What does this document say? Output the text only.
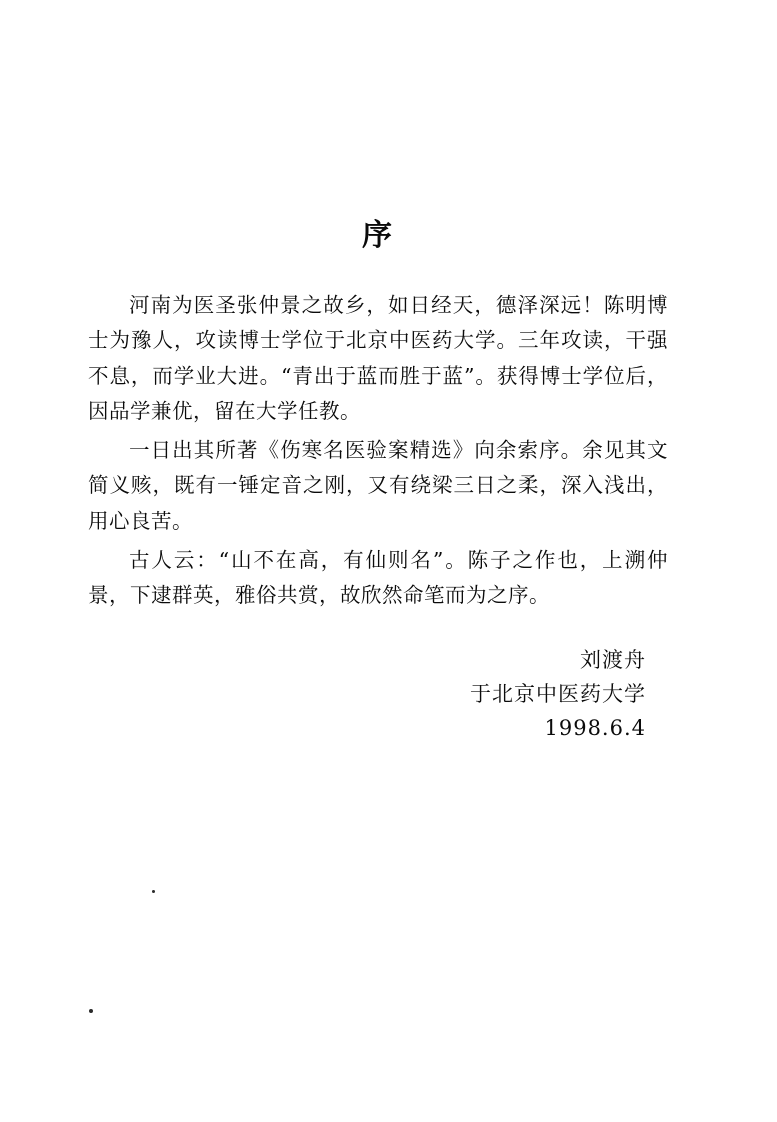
序

河南为医圣张仲景之故乡，如日经天，德泽深远！陈明博士为豫人，攻读博士学位于北京中医药大学。三年攻读，干强不息，而学业大进。“青出于蓝而胜于蓝”。获得博士学位后，因品学兼优，留在大学任教。

一日出其所著《伤寒名医验案精选》向余索序。余见其文简义赅，既有一锤定音之刚，又有绕梁三日之柔，深入浅出，用心良苦。

古人云：“山不在高，有仙则名”。陈子之作也，上溯仲景，下逮群英，雅俗共赏，故欣然命笔而为之序。

刘渡舟
于北京中医药大学
1998.6.4
